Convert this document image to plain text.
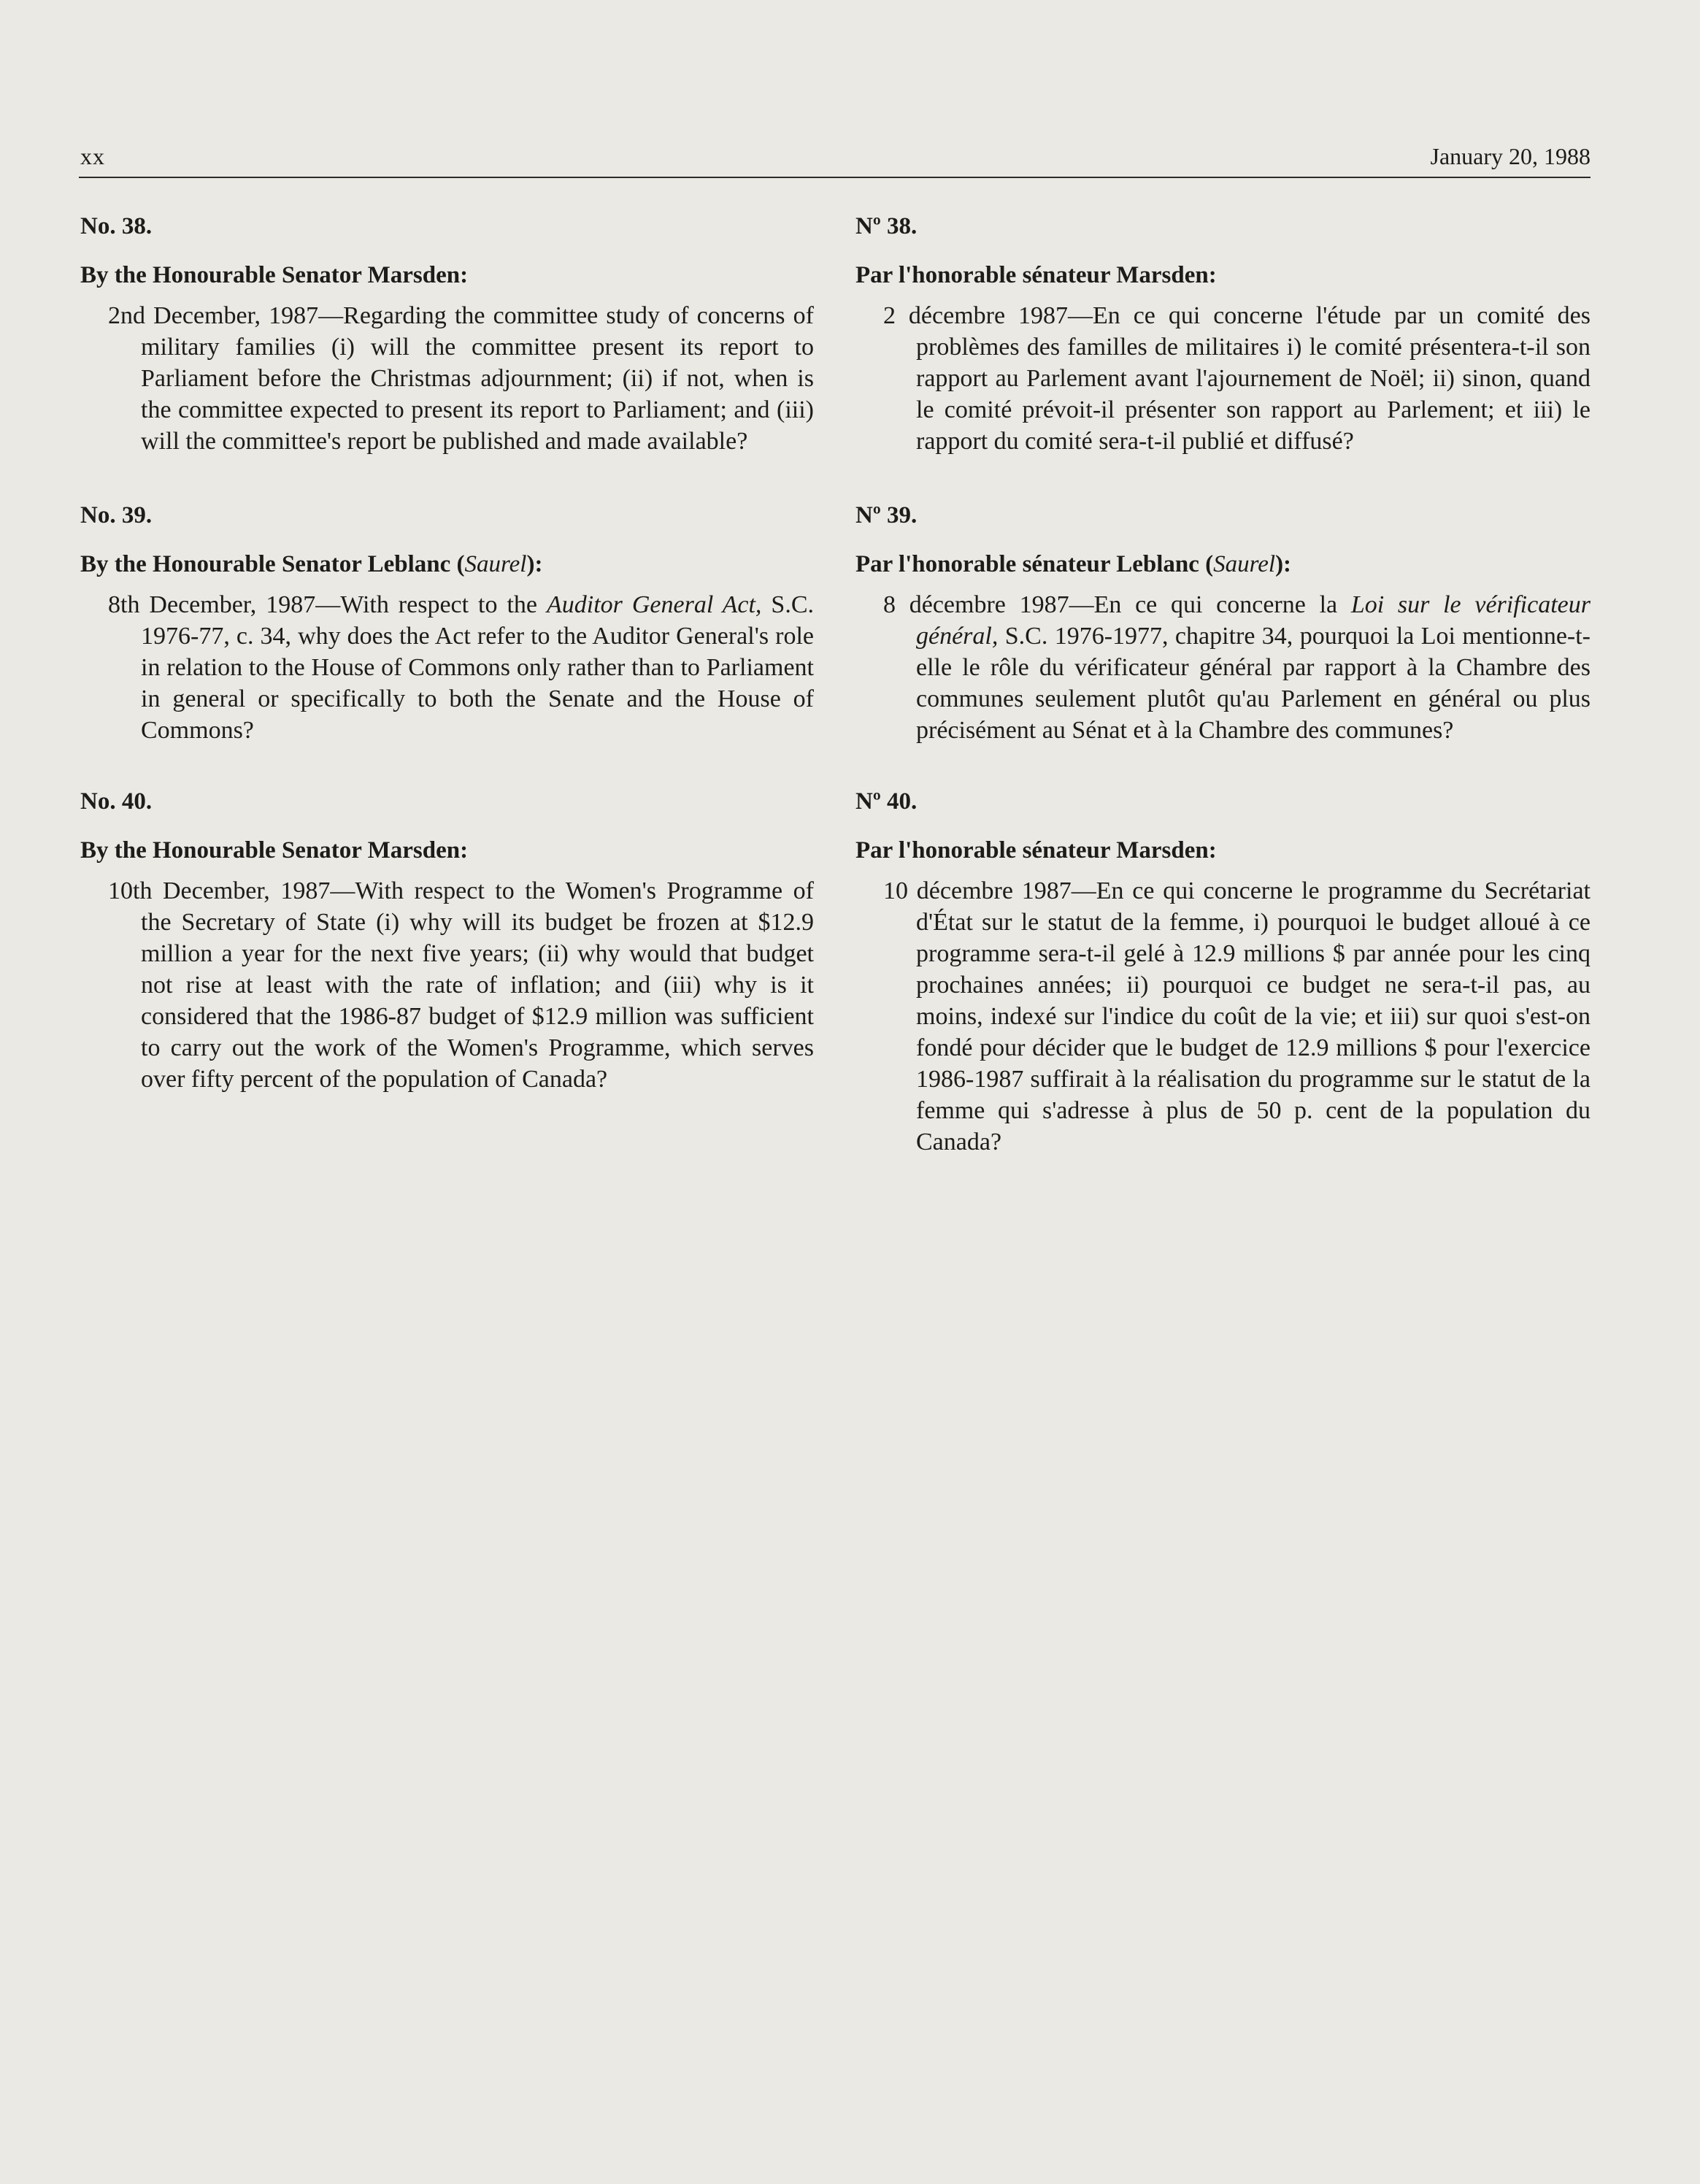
xx	January 20, 1988
No. 38.
By the Honourable Senator Marsden:
2nd December, 1987—Regarding the committee study of concerns of military families (i) will the committee present its report to Parliament before the Christmas adjournment; (ii) if not, when is the committee expected to present its report to Parliament; and (iii) will the committee's report be published and made available?
No. 39.
By the Honourable Senator Leblanc (Saurel):
8th December, 1987—With respect to the Auditor General Act, S.C. 1976-77, c. 34, why does the Act refer to the Auditor General's role in relation to the House of Commons only rather than to Parliament in general or specifically to both the Senate and the House of Commons?
No. 40.
By the Honourable Senator Marsden:
10th December, 1987—With respect to the Women's Programme of the Secretary of State (i) why will its budget be frozen at $12.9 million a year for the next five years; (ii) why would that budget not rise at least with the rate of inflation; and (iii) why is it considered that the 1986-87 budget of $12.9 million was sufficient to carry out the work of the Women's Programme, which serves over fifty percent of the population of Canada?
Nº 38.
Par l'honorable sénateur Marsden:
2 décembre 1987—En ce qui concerne l'étude par un comité des problèmes des familles de militaires i) le comité présentera-t-il son rapport au Parlement avant l'ajournement de Noël; ii) sinon, quand le comité prévoit-il présenter son rapport au Parlement; et iii) le rapport du comité sera-t-il publié et diffusé?
Nº 39.
Par l'honorable sénateur Leblanc (Saurel):
8 décembre 1987—En ce qui concerne la Loi sur le vérificateur général, S.C. 1976-1977, chapitre 34, pourquoi la Loi mentionne-t-elle le rôle du vérificateur général par rapport à la Chambre des communes seulement plutôt qu'au Parlement en général ou plus précisément au Sénat et à la Chambre des communes?
Nº 40.
Par l'honorable sénateur Marsden:
10 décembre 1987—En ce qui concerne le programme du Secrétariat d'État sur le statut de la femme, i) pourquoi le budget alloué à ce programme sera-t-il gelé à 12.9 millions $ par année pour les cinq prochaines années; ii) pourquoi ce budget ne sera-t-il pas, au moins, indexé sur l'indice du coût de la vie; et iii) sur quoi s'est-on fondé pour décider que le budget de 12.9 millions $ pour l'exercice 1986-1987 suffirait à la réalisation du programme sur le statut de la femme qui s'adresse à plus de 50 p. cent de la population du Canada?
